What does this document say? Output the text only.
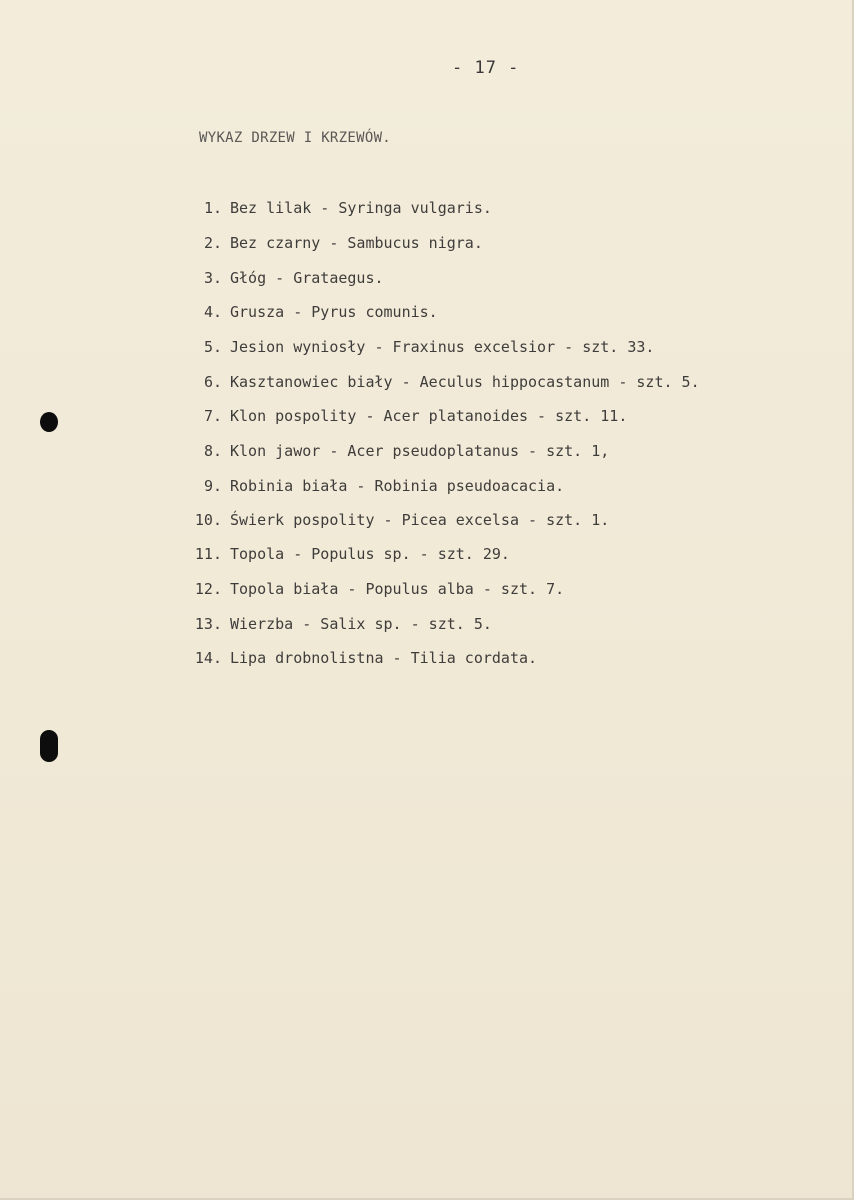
- 17 -
WYKAZ DRZEW I KRZEWÓW.
1. Bez lilak - Syringa vulgaris.
2. Bez czarny - Sambucus nigra.
3. Głóg - Grataegus.
4. Grusza - Pyrus comunis.
5. Jesion wyniosły - Fraxinus excelsior - szt. 33.
6. Kasztanowiec biały - Aeculus hippocastanum - szt. 5.
7. Klon pospolity - Acer platanoides - szt. 11.
8. Klon jawor - Acer pseudoplatanus - szt. 1,
9. Robinia biała - Robinia pseudoacacia.
10. Świerk pospolity - Picea excelsa - szt. 1.
11. Topola - Populus sp. - szt. 29.
12. Topola biała - Populus alba - szt. 7.
13. Wierzba - Salix sp. - szt. 5.
14. Lipa drobnolistna - Tilia cordata.
